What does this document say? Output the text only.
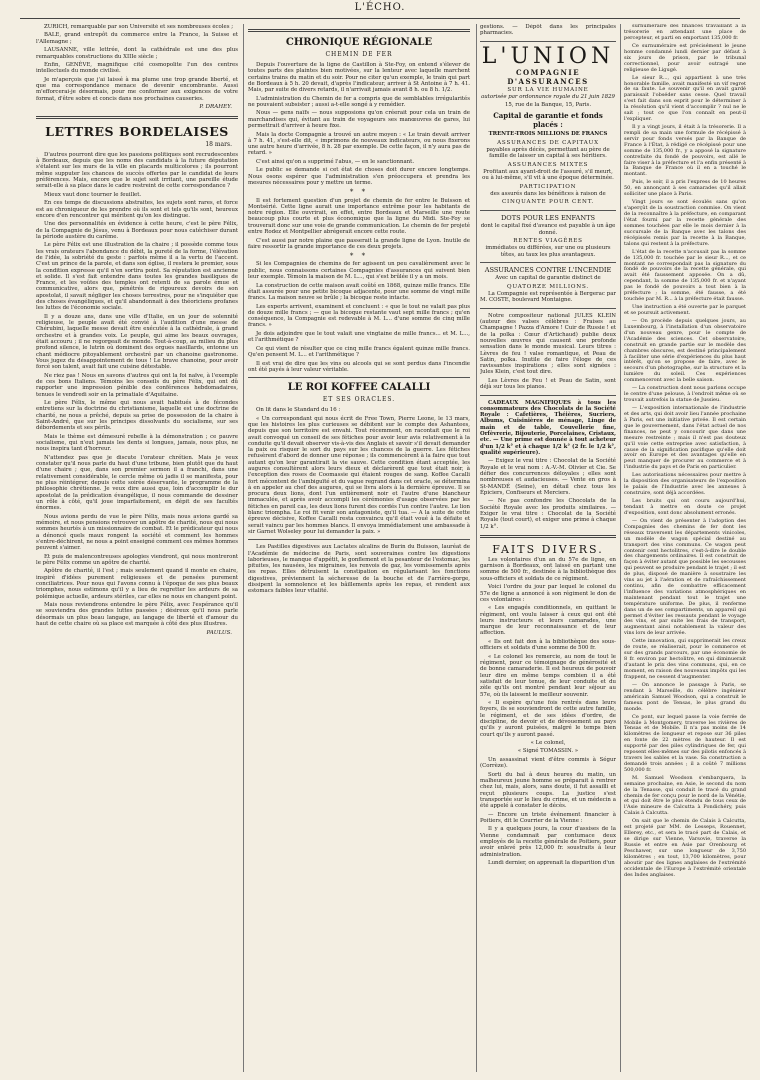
L'ÉCHO.

ZURICH, remarquable par son Université et ses nombreuses écoles ;

BALE, grand entrepôt du commerce entre la France, la Suisse et l'Allemagne ;

LAUSANNE, ville lettrée, dont la cathédrale est une des plus remarquables constructions du XIIIe siècle ;

Enfin, GENÈVE, magnifique cité cosmopolite l'un des centres intellectuels du monde civilisé.

Je m'aperçois que j'ai laissé à ma plume une trop grande liberté, et que ma correspondance menace de devenir encombrante. Aussi m'efforcerai-je désormais, pour me conformer aux exigences de votre format, d'être sobre et concis dans nos prochaines causeries.

P. DRAHEY.
LETTRES BORDELAISES
18 mars.

D'autres pourront dire que les passions politiques sont recrudescentes à Bordeaux, depuis que les noms des candidats à la future députation s'étalent sur les murs de la ville en placards multicolores ; ils pourront même supputer les chances de succès offertes par le candidat de leurs préférences. Mais, encore que le sujet soit irritant, une pareille étude serait-elle à sa place dans le cadre restreint de cette correspondance ?

Mieux vaut donc tourner le feuillet.

En ces temps de discussions abstraites, les sujets sont rares, et force est au chroniqueur de les prendre où ils sont et tels qu'ils sont, heureux encore d'en rencontrer qui méritent qu'on les distingue.

Une des personnalités en évidence à cette heure, c'est le père Félix, de la Compagnie de Jésus, venu à Bordeaux pour nous catéchiser durant la période austère du carême.

Le père Félix est une illustration de la chaire ; il possède comme tous les vrais orateurs l'abondance du débit, la pureté de la forme, l'élévation de l'idée, la sobriété du geste : parfois même il a la vertu de l'accent. C'est un prince de la parole, et dans son église, il restera le premier, sous la condition expresse qu'il n'en sortira point. Sa réputation est ancienne et solide. Il s'est fait entendre dans toutes les grandes basiliques de France, et les voûtes des temples ont retenti de sa parole émue et communicative, alors que, pénétrés de rigoureux devoirs de son apostolat, il savait négliger les choses terrestres, pour ne s'inquiéter que des choses évangéliques, et qu'il abandonnait à des théoriciens profanes les luttes de l'économie sociale.

Il y a douze ans, dans une ville d'Italie, en un jour de solennité religieuse, le peuple avait été convié à l'audition d'une messe de Chérubini, laquelle messe devait être exécutée à la cathédrale, à grand orchestre et à grandes voix. Le peuple, qui aime les beaux ouvrages, était accouru ; il ne regorgeait de monde. Tout-à-coup, au milieu du plus profond silence, le lutrin où dominent des orgues nasillards, entonne un chant médiocre pitoyablement orchestré par un chanoine gastronome. Vous jugez du désappointement de tous ! Le brave chanoine, pour avoir forcé son talent, avait fait une cuisine détestable.

Ne riez pas ! Nous en savons d'autres qui ont la foi naïve, à l'exemple de ces bons Italiens. Témoins les conseils du père Félix, qui ont dû rapporter une impression pénible des conférences hebdomadaires, tenues le vendredi soir en la primatiale d'Aquitaine.

Le père Félix, le même qui nous avait habitués à de fécondes entretiens sur la doctrine du christianisme, laquelle est une doctrine de charité, ne nous a prêché, depuis sa prise de possession de la chaire à Saint-André, que sur les principes dissolvants du socialisme, sur ses débordements et ses périls.

Mais le thème est démesuré rebelle à la démonstration ; ce pauvre socialisme, qui n'eut jamais les dents si longues, jamais, nous plus, ne nous inspira tant d'horreur.

N'attendez pas que je discute l'orateur chrétien. Mais je veux constater qu'il nous parle du haut d'une tribune, bien plutôt que du haut d'une chaire ; que, dans son premier sermon il a franchi, dans une relativement considérable, le cercle même où jadis il se manifesta, pour ne plus réintégrer, depuis cette soirée déservante, le programme de la philosophie chrétienne. Je veux dire aussi que, loin d'accomplir le dur apostolat de la prédication évangélique, il nous commande de dessiner un rôle à côté, qu'il joue imparfaitement, en dépit de ses facultés énormes.

Nous avions perdu de vue le père Félix, mais nous avions gardé sa mémoire, et nous pensions retrouver un apôtre de charité, nous qui nous sommes heurtés à un missionnaire de combat. Et le prédicateur qui nous a dénoncé quels maux rongent la société et comment les hommes s'entre-déchirent, ne nous a point enseigné comment ces mêmes hommes peuvent s'aimer.

Et puis de malencontreuses apologies viendront, qui nous montreront le père Félix comme un apôtre de charité.

Apôtre de charité, il l'est ; mais seulement quand il monte en chaire, inspiré d'idées purement religieuses et de pensées purement conciliatrices. Pour nous qui l'avons connu à l'époque de ses plus beaux triomphes, nous estimons qu'il y a lieu de regretter les ardeurs de sa polémique actuelle, ardeurs stériles, car elles ne nous en changent point.

Mais nous reviendrons entendre le père Félix, avec l'espérance qu'il se souviendra des grandes luttes passées ; désireux qu'il nous parle désormais un plus beau langage, au langage de liberté et d'amour du haut de cette chaire où sa place est marquée à côté des plus illustres.

PAULUS.
CHRONIQUE RÉGIONALE
CHEMIN DE FER

Depuis l'ouverture de la ligne de Castillon à Ste-Foy, on entend s'élever de toutes parts des plaintes bien motivées, sur la lenteur avec laquelle marchent certains trains du matin et du soir. Pour ne citer qu'un exemple, le train qui part de Bordeaux à 5 h. 20 devait, d'après l'indicateur, arriver à St Antoine à 7 h. 41. Mais, par suite de divers retards, il n'arrivait jamais avant 8 h. ou 8 h. 1/2.

L'administration du Chemin de fer a compris que de semblables irrégularités ne pouvaient subsister ; aussi a-t-elle songé à y remédier.

Nous — gens naïfs — nous supposions qu'on créerait pour cela un train de marchandises qui, évitant au train de voyageurs ses manœuvres de gares, lui permettrait d'arriver à heure fixe.

Mais la docte Compagnie a trouvé un autre moyen : « Le train devait arriver à 7 h. 41, s'est-elle dit, « imprimons de nouveaux indicateurs, ou nous fixerons une autre heure d'arrivée, 8 h. 28 par exemple. De cette façon, il n'y aura pas de retard. »

C'est ainsi qu'on a supprimé l'abus, — en le sanctionnant.

Le public se demande si cet état de choses doit durer encore longtemps. Nous osons espérer que l'administration s'en préoccupera et prendra les mesures nécessaires pour y mettre un terme.

* *

Il est fortement question d'un projet de chemin de fer entre le Buisson et Montsérié. Cette ligne aurait une importance extrême pour les habitants de notre région. Elle ouvrirait, en effet, entre Bordeaux et Marseille une route beaucoup plus courte et plus économique que la ligne du Midi. Ste-Foy se trouverait donc sur une voie de grande communication. Le chemin de fer projeté entre Rodez et Montpellier abrégerait encore cette route.

C'est aussi par notre plaine que passerait la grande ligne de Lyon. Inutile de faire ressortir la grande importance de ces deux projets.

* *

Si les Compagnies de chemins de fer agissent un peu cavalièrement avec le public, nous connaissons certaines Compagnies d'assurances qui suivent bien leur exemple. Témoin la maison de M. L..., qui s'est brûlée il y a un mois.

La construction de cette maison avait coûté en 1868, quinze mille francs. Elle était assurée pour une petite bicoque adjacente, pour une somme de vingt mille francs. La maison neuve se brûle ; la bicoque reste intacte.

Les experts arrivent, examinent et concluent : « que le tout ne valait pas plus de douze mille francs ; — que la bicoque restante vaut sept mille francs ; qu'en conséquence, la Compagnie est redevable à M. L... d'une somme de cinq mille francs. »

Je dois adjoindre que le tout valait une vingtaine de mille francs... et M. L..., et l'arithmétique ?

Ce qui vient de résulter que ce cinq mille francs égalent quinze mille francs. Qu'en pensent M. L... et l'arithmétique ?

Il est vrai de dire que les vins ou alcools qui se sont perdus dans l'incendie ont été payés à leur valeur véritable.

LE ROI KOFFEE CALALLI
ET SES ORACLES.

On lit dans le Standard du 16 :

« Un correspondant qui nous écrit de Free Town, Pierre Leone, le 13 mars, que les histoires les plus curieuses se débitent sur le compte des Ashantees, depuis que son territoire est envahi. Tout récemment, on racontait que le roi avait convoqué un conseil de ses fétiches pour avoir leur avis relativement à la conduite qu'il devait observer vis-à-vis des Anglais et savoir s'il devait demander la paix ou risquer le sort du pays sur les chances de la guerre. Les fétiches refusèrent d'abord de donner une réponse ; ils commencèrent à la faire que tout autant qu'on leur garantirait la vie sauve. Cette condition étant acceptée, les augures consultèrent alors leurs dieux et déclarèrent que tout était noir, à l'exception des roses de Coomassie qui étaient rouges de sang. Koffee Cacalli fort mécontent de l'ambiguïté et du vague regrand dans cet oracle, se détermina à en appeler au chef des augures, qui se livra alors à la dernière épreuve. Il se procura deux lions, dont l'un entièrement noir et l'autre d'une blancheur immaculée, et après avoir accompli les cérémonies d'usage observées par les fétiches en pareil cas, les deux lions furent des cordés l'un contre l'autre. Le lion blanc triompha. Le roi fit venir son antagoniste, qu'il tua. — A la suite de cette épreuve décisive, Koffee Cacalli resta convaincu qu'il était voué à la défaite et serait vaincu par les hommes blancs. Il envoya immédiatement une ambassade à sir Garnet Wolseley pour lui demander la paix. »

Les Pastilles digestives aux Lactates alcalins de Burin du Buisson, lauréat de l'Académie de médecine de Paris, sont souveraines contre les digestions laborieuses, le manque d'appétit, le gonflement et la pesanteur de l'estomac, les pituites, les nausées, les migraines, les renvois de gaz, les vomissements après les repas. Elles détruisent la constipation en régularisant les fonctions digestives, préviennent la sécheresse de la bouche et de l'arrière-gorge, dissipent la somnolence et les bâillements après les repas, et rendent aux estomacs faibles leur vitalité.

gestions. — Dépôt dans les principales pharmacies.

L'UNION
COMPAGNIE D'ASSURANCES
SUR LA VIE HUMAINE

autorisée par ordonnance royale du 21 juin 1829

15, rue de la Banque, 15, Paris.

Capital de garantie et fonds placés :

TRENTE-TROIS MILLIONS DE FRANCS

ASSURANCES DE CAPITAUX

payables après décès, permettant au père de famille de laisser un capital à ses héritiers.

ASSURANCES MIXTES

Profitant aux ayant-droit de l'assuré, s'il meurt, ou à lui-même, s'il vit à une époque déterminée.

PARTICIPATION

des assurés dans les bénéfices à raison de

CINQUANTE POUR CENT.

DOTS POUR LES ENFANTS

dont le capital fixé d'avance est payable à un âge donné.

RENTES VIAGÈRES

immédiates ou différées, sur une ou plusieurs têtes, au taux les plus avantageux.

ASSURANCES CONTRE L'INCENDIE

Avec un capital de garantie distinct de

QUATORZE MILLIONS.

La Compagnie est représentée à Bergerac par M. COSTE, boulevard Montaigne.

Notre compositeur national JULES KLEIN (auteur des valses célèbres : Fraises au Champagne ! Pazza d'Amore ! Cuir de Russie ! et de la polka : Cœur d'Artichaud) publie deux nouvelles œuvres qui causent une profonde sensation dans le monde musical. Leurs titres : Lèvres de feu ! valse romantique, et Peau de Satin, polka. Inutile de faire l'éloge de ces ravissantes inspirations ; elles sont signées : Jules Klein, c'est tout dire.

Les Lèvres de Feu ! et Peau de Satin, sont déjà sur tous les pianos.

CADEAUX MAGNIFIQUES à tous les consommateurs des Chocolats de la Société Royale : Cafetières, Théières, Sucriers, Albums, Cuisinières de ménage, Linge de main et de table, Couvellerie fine, Orfèvrerie, Bijouterie, Porcelaines, Cristaux, etc. — Une prime est donnée à tout acheteur d'un 1/2 k° et à chaque 1/2 k° (2 fr. le 1/2 k°, qualité supérieure).

— Exigez le vrai titre : Chocolat de la Société Royale et le vrai nom : A.-V.-M. Olivier et Cie. Se défier des concurrences déloyales ; elles sont nombreuses et audacieuses. — Vente en gros à St-MANDÉ (Seine), en détail chez tous les Épiciers, Confiseurs et Merciers.

— Ne pas confondre les Chocolats de la Société Royale avec les produits similaires. — Exiger le vrai titre : Chocolat de la Société Royale (tout court), et exiger une prime à chaque 1/2 k°.

FAITS DIVERS.

Les volontaires d'un an du 57e de ligne, en garnison à Bordeaux, ont laissé en partant une somme de 500 fr., destinée à la bibliothèque des sous-officiers et soldats de ce régiment.

Voici l'ordre du jour par lequel le colonel du 57e de ligne a annoncé à son régiment le don de ces volontaires :

« Les engagés conditionnels, en quittant le régiment, ont voulu laisser à ceux qui ont été leurs instructeurs et leurs camarades, une marque de leur reconnaissance et de leur affection.

« Ils ont fait don à la bibliothèque des sous-officiers et soldats d'une somme de 500 fr.

« Le colonel les remercie, au nom de tout le régiment, pour ce témoignage de générosité et de bonne camaraderie. Il est heureux de pouvoir leur dire en même temps combien il a été satisfait de leur tenue, de leur conduite et du zèle qu'ils ont montré pendant leur séjour au 57e, où ils laissent le meilleur souvenir.

« Il espère qu'une fois rentrés dans leurs foyers, ils se souviendront de cette autre famille, le régiment, et de ses idées d'ordre, de discipline, de devoir et de dévouement au pays qu'ils y auront puisées, malgré le temps bien court qu'ils y auront passé.

« Le colonel,

« Signé TOMASSIN. »

Un assassinat vient d'être commis à Ségur (Corrèze).

Sorti du bal à deux heures du matin, un malheureux jeune homme se préparait à rentrer chez lui, mais, alors, sans doute, il fut assailli et reçut plusieurs coups. La justice s'est transportée sur le lieu du crime, et un médecin a été appelé à constater le décès.

— Encore un triste événement financier à Poitiers, dit le Courrier de la Vienne :

Il y a quelques jours, la cour d'assises de la Vienne condamnait par contumace deux employés de la recette générale de Poitiers, pour avoir enlevé près 12,000 fr. soustraits à leur administration.

Lundi dernier, on apprenait la disparition d'un

surnuméraire des finances travaillant à la trésorerie en attendant une place de percepteur, et parti en emportant 135,000 fr.

Ce surnuméraire est précisément le jeune homme condamné lundi dernier par défaut à six jours de prison, par le tribunal correctionnel, pour avoir outragé une religieuse de Ligugé.

Le sieur R..., qui appartient à une très honorable famille, avait manifesté un vif regret de sa faute. Le souvenir qu'il en avait gardé paraissait l'obséder sans cesse. Quel travail s'est fait dans son esprit pour le déterminer à la résolution qu'il vient d'accomplir ? nul ne le sait ; tout ce que l'on connaît en peut-il l'expliquer.

Il y a vingt jours, il était à la trésorerie. Il a rempli de sa main une formule de récépissé à servir pour fonds versés par la Banque de France à l'État, à rédigé ce récépissé pour une somme de 135,000 fr., y a apposé la signature contrefaite du fondé de pouvoirs, est allé le faire viser à la préfecture et l'a enfin présenté à la Banque de France où il en a touché le montant.

Puis, le soir, il a pris l'express de 10 heures 50, en annonçant à ses camarades qu'il allait solliciter une place à Paris.

Vingt jours se sont écoulés sans qu'on s'aperçût de la soustraction commise. On vient de la reconnaître à la préfecture, en comparant l'état fourni par la recette générale des sommes touchées par elle le mois dernier à la succursale de la Banque avec les talons des récépissés remis par la recette à la Banque, talons qui restent à la préfecture.

L'état de la recette n'accusait pas la somme de 135,000 fr. touchée par le sieur R..., et ce montant ne correspondait pas la signature du fondé de pouvoirs de la recette générale, qui avait été faussement apposée. On a dû, cependant, la somme de 135,000 fr. et n'ayant pas le fondé de pouvoirs a tout bien à la préfecture ; la somme, été fausse, a été touchée par M. R... à la préfecture était fausse.

Une instruction a été ouverte par le parquet et se poursuit activement.

— On procède depuis quelques jours, au Luxembourg, à l'installation d'un observatoire d'un nouveau genre, pour le compte de l'Académie des sciences. Cet observatoire, construit en grande partie sur le modèle des chambres obscures, est destiné principalement à faciliter une série d'expériences du plus haut intérêt, qu'on se propose de faire, avec le secours d'un photographe, sur la structure et la lumière du soleil. Ces expériences commenceront avec la belle saison.

— La construction dont nous parlons occupe le centre d'une pelouse, à l'endroit même où se trouvait autrefois la statue de Jussieu.

— L'exposition internationale de l'industrie et des arts, qui doit avoir lieu l'année prochaine à Paris, est une initiative privée. Il est certain que le gouvernement, dans l'état actuel de nos finances, ne peut y concourir que dans une mesure restreinte ; mais il n'est pas douteux qu'il voie cette entreprise avec satisfaction, à cause de la signification pacifique qu'elle doit avoir en Europe et des avantages qu'elle en peut manquer de procurer au commerce et à l'industrie du pays et de Paris en particulier.

Les autorisations nécessaires pour mettre à la disposition des organisateurs de l'exposition le palais de l'Industrie avec les annexes à construire, sont déjà accordées.

Les bruits qui ont couru aujourd'hui, tendant à mettre en doute ce projet d'exposition, sont donc absolument erronés.

— On vient de présenter à l'adoption des Compagnies des chemins de fer dont les réseaux traversent les départements vinicoles, un modèle de wagon spécial destiné au transport des vins communs. Ce wagon peut contenir cent hectolitres, c'est-à-dire le double des chargements ordinaires. Il est construit de façon à éviter autant que possible les secousses qui peuvent se produire pendant le trajet ; il est de plus, disposé de manière à soustraire les vins au jet à l'aération et de rafraîchissement continu, afin de combattre efficacement l'influence des variations atmosphériques en maintenant pendant tout le trajet une température uniforme. De plus, il renferme dans un de ses compartiments, un appareil qui permet d'éviter les ressauts pendant le voyage des vins, et par suite les frais de transport, augmentant ainsi notablement la valeur des vins lors de leur arrivée.

Cette innovation, qui supprimerait les creux de route, se réaliserait, pour le commerce et sur des grands parcours, par une économie de 8 fr. environ par hectolitre, en qui diminuerait d'autant le prix des vins communs, qui, en ce moment, en raison des nouveaux impôts qui les frappent, ne cessent d'augmenter.

— On annonce le passage à Paris, se rendant à Marseille, du célèbre ingénieur américain Samuel Woodson, qui a construit le fameux pont de Tensas, le plus grand du monde.

Ce pont, sur lequel passe la voie ferrée de Mobile à Montgomery, traverse les rivières de Tensas et de Mobile. Il n'a pas moins de 14 kilomètres de longueur et repose sur 36 piles en fonte de 22 mètres de hauteur. Il est supporté par des piles cylindriques de fer, qui reposent elles-mêmes sur des pilotis enfoncés à travers les sables et la vase. Sa construction a demandé trois années ; il a coûté 7 millions 500,000 fr.

M. Samuel Woodson s'embarquera, la semaine prochaine, en Asie, le second du nom de la Tenasse, qui conduit le tracé du grand chemin de fer conçu pour le nord de la Vénétie, et qui doit être le plus étendu de tous ceux de l'Asie mineure de Calcutta à Pondichéry, puis Calais à Calcutta.

On sait que le chemin de Calais à Calcutta, est projeté par MM. de Lesseps, Rouennet, Ellerey, etc., et sera le tracé part de Calais, et se dirige sur Vienne, Varsovie, traverse la Russie et entre en Asie par Orenbourg et Peschawer, sur une longueur de 3,750 kilomètres ; en tout, 13,700 kilomètres, pour aboutir par des lignes anglaises de l'extrémité occidentale de l'Europe à l'extrémité orientale des Indes anglaises.
